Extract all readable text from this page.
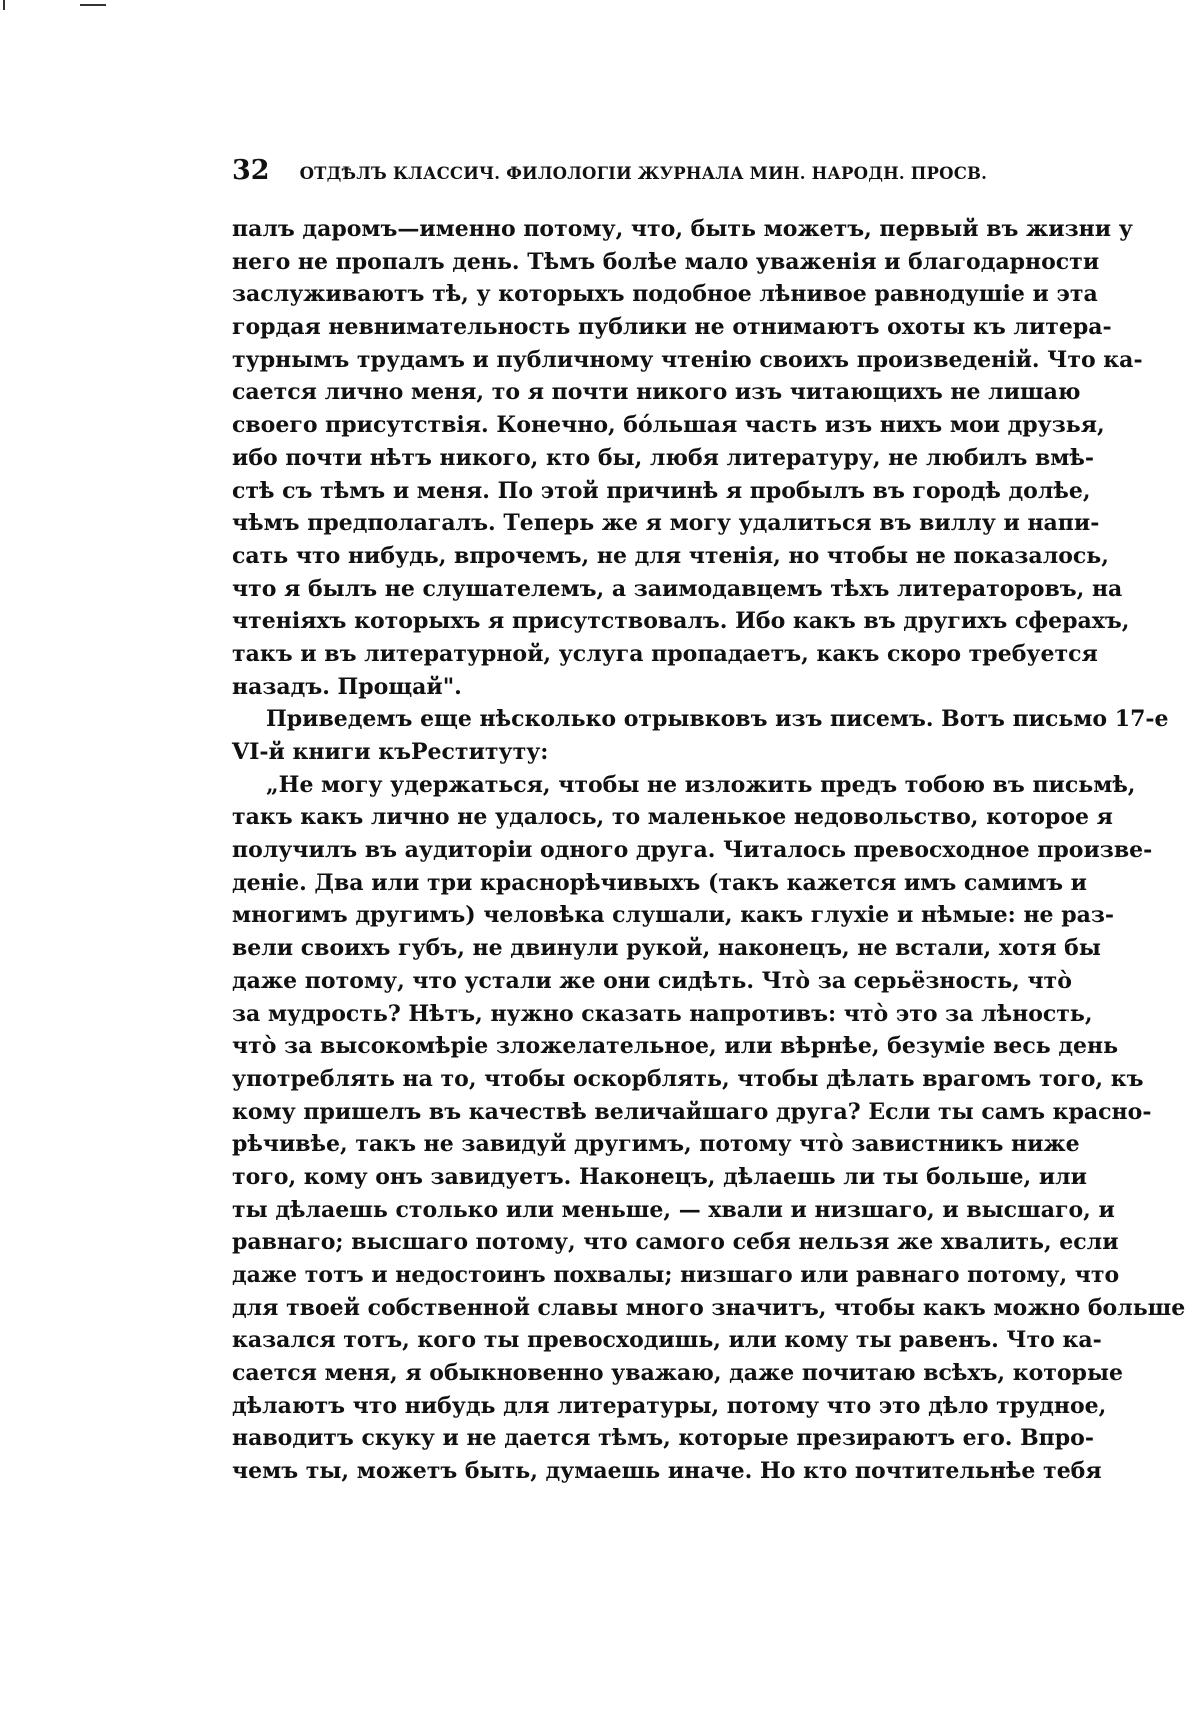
32 ОТДѢЛЪ КЛАССИЧ. ФИЛОЛОГІИ ЖУРНАЛА МИН. НАРОДН. ПРОСВ.
палъ даромъ—именно потому, что, быть можетъ, первый въ жизни у
него не пропалъ день. Тѣмъ болѣе мало уваженія и благодарности
заслуживаютъ тѣ, у которыхъ подобное лѣнивое равнодушіе и эта
гордая невнимательность публики не отнимаютъ охоты къ литера-
турнымъ трудамъ и публичному чтенію своихъ произведеній. Что ка-
сается лично меня, то я почти никого изъ читающихъ не лишаю
своего присутствія. Конечно, бо́льшая часть изъ нихъ мои друзья,
ибо почти нѣтъ никого, кто бы, любя литературу, не любилъ вмѣ-
стѣ съ тѣмъ и меня. По этой причинѣ я пробылъ въ городѣ долѣе,
чѣмъ предполагалъ. Теперь же я могу удалиться въ виллу и напи-
сать что нибудь, впрочемъ, не для чтенія, но чтобы не показалось,
что я былъ не слушателемъ, а заимодавцемъ тѣхъ литераторовъ, на
чтеніяхъ которыхъ я присутствовалъ. Ибо какъ въ другихъ сферахъ,
такъ и въ литературной, услуга пропадаетъ, какъ скоро требуется
назадъ. Прощай".
Приведемъ еще нѣсколько отрывковъ изъ писемъ. Вотъ письмо 17-е
VI-й книги къРеституту:
„Не могу удержаться, чтобы не изложить предъ тобою въ письмѣ,
такъ какъ лично не удалось, то маленькое недовольство, которое я
получилъ въ аудиторіи одного друга. Читалось превосходное произве-
деніе. Два или три краснорѣчивыхъ (такъ кажется имъ самимъ и
многимъ другимъ) человѣка слушали, какъ глухіе и нѣмые: не раз-
вели своихъ губъ, не двинули рукой, наконецъ, не встали, хотя бы
даже потому, что устали же они сидѣть. Что̀ за серьёзность, что̀
за мудрость? Нѣтъ, нужно сказать напротивъ: что̀ это за лѣность,
что̀ за высокомѣріе зложелательное, или вѣрнѣе, безуміе весь день
употреблять на то, чтобы оскорблять, чтобы дѣлать врагомъ того, къ
кому пришелъ въ качествѣ величайшаго друга? Если ты самъ красно-
рѣчивѣе, такъ не завидуй другимъ, потому что̀ завистникъ ниже
того, кому онъ завидуетъ. Наконецъ, дѣлаешь ли ты больше, или
ты дѣлаешь столько или меньше, — хвали и низшаго, и высшаго, и
равнаго; высшаго потому, что самого себя нельзя же хвалить, если
даже тотъ и недостоинъ похвалы; низшаго или равнаго потому, что
для твоей собственной славы много значитъ, чтобы какъ можно больше
казался тотъ, кого ты превосходишь, или кому ты равенъ. Что ка-
сается меня, я обыкновенно уважаю, даже почитаю всѣхъ, которые
дѣлаютъ что нибудь для литературы, потому что это дѣло трудное,
наводитъ скуку и не дается тѣмъ, которые презираютъ его. Впро-
чемъ ты, можетъ быть, думаешь иначе. Но кто почтительнѣе тебя
